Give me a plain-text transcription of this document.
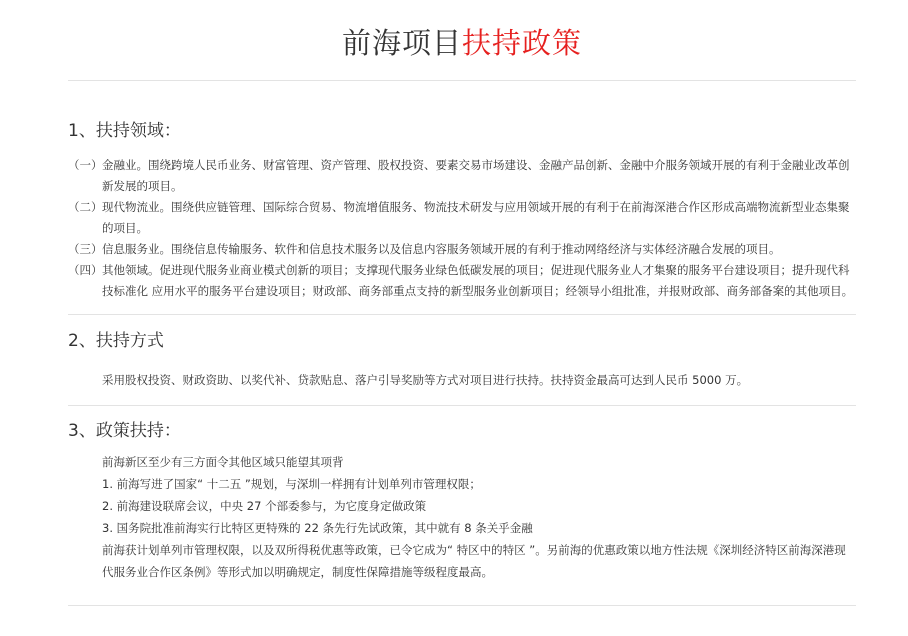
前海项目扶持政策
1、扶持领域：
（一） 金融业。围绕跨境人民币业务、财富管理、资产管理、股权投资、要素交易市场建设、金融产品创新、金融中介服务领域开展的有利于金融业改革创新发展的项目。
（二） 现代物流业。围绕供应链管理、国际综合贸易、物流增值服务、物流技术研发与应用领域开展的有利于在前海深港合作区形成高端物流新型业态集聚的项目。
（三） 信息服务业。围绕信息传输服务、软件和信息技术服务以及信息内容服务领域开展的有利于推动网络经济与实体经济融合发展的项目。
（四） 其他领域。促进现代服务业商业模式创新的项目；支撑现代服务业绿色低碳发展的项目；促进现代服务业人才集聚的服务平台建设项目；提升现代科技标准化 应用水平的服务平台建设项目；财政部、商务部重点支持的新型服务业创新项目；经领导小组批准，并报财政部、商务部备案的其他项目。
2、扶持方式

采用股权投资、财政资助、以奖代补、贷款贴息、落户引导奖励等方式对项目进行扶持。扶持资金最高可达到人民币 5000 万。

3、政策扶持：
前海新区至少有三方面令其他区域只能望其项背
1. 前海写进了国家“ 十二五 ”规划，与深圳一样拥有计划单列市管理权限；
2. 前海建设联席会议，中央 27 个部委参与，为它度身定做政策
3. 国务院批准前海实行比特区更特殊的 22 条先行先试政策，其中就有 8 条关乎金融
前海获计划单列市管理权限，以及双所得税优惠等政策，已令它成为“ 特区中的特区 ”。另前海的优惠政策以地方性法规《深圳经济特区前海深港现代服务业合作区条例》等形式加以明确规定，制度性保障措施等级程度最高。
